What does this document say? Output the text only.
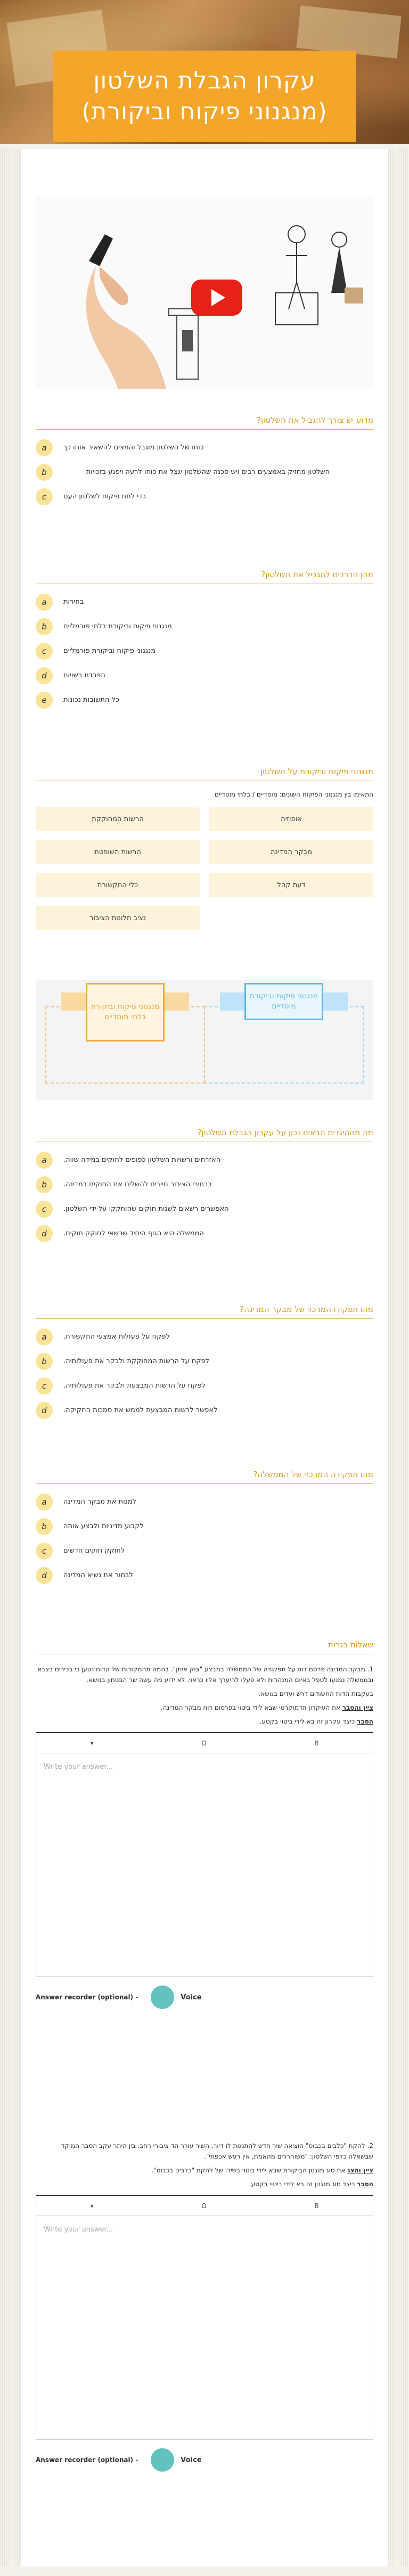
עקרון הגבלת השלטון (מנגנוני פיקוח וביקורת)
מדוע יש צורך להגביל את השלטון?
a	כוחו של השלטון מוגבל והמצים להשאיר אותו כך
b	השלטון מחזיק באמצעים רבים ויש סכנה שהשלטון יגצל את כוחו לרעה ויפגע בזכויות
c	כדי לתת פיקוח לשלטון העם
מהן הדרכים להגביל את השלטון?
a	בחירות
b	מנגנוני פיקוח וביקורת בלתי פורמליים
c	מנגנוני פיקוח וביקורת פורמליים
d	הפרדת רשויות
e	כל התשובות נכונות
מנגנוני פיקוח וביקורת על השלטון
התאימו בין מנגנוני הפיקוח השונים: מוסדיים / בלתי מוסדיים
אופוזיה
הרשות המחוקקת
מבקר המדינה
הרשות השופטת
דעת קהל
כלי התקשורת
נציב תלונות הציבור
מנגנוני פיקוח וביקורת מוסדיים
מנגנוני פיקוח וביקורת בלתי מוסדיים
מה מההיגדים הבאים נכון על עקרון הגבלת השלטון?
a	האזרחים ורשויות השלטון כפופים לחוקים במידה שווה.
b	בבחירי הציבור חייבים להשלים את החוקים במדינה.
c	האפשרים רשאים לשנות חוקים שהוחקקו על ידי השלטון.
d	הממשלה היא הגוף היחיד שרשאי לחוקק חוקים.
מהו תפקידו המרכזי של מבקר המדינה?
a	לפקח על פעולות אמצעי התקשורת.
b	לפקח על הרשות המחוקקת ולבקר את פעולותיה.
c	לפקח על הרשות המבצעת ולבקר את פעולותיה.
d	לאפשר לרשות המבצעת לממש את סמכות החקיקה.
מהו תפקידה המרכזי של הממשלה?
a	למנות את מבקר המדינה
b	לקבוע מדיניות ולבצע אותה
c	לחוקק חוקים חדשים
d	לבחור את נשיא המדינה
שאלות בגרות

1. מבקר המדינה פרסם דוח על תפקודה של הממשלה במבצע "צוק איתן". בהמה מהמקורות של הדוח נטען כי בכירים בצבא ובממשלה נמנעו לטפל באיום המנהרות ולא פעלו להיערך אליו כראוי. לא ידוע מה עשה שר הבטחון בנושא.

בעקבות הדוח החשודים דרש ועדים בנושא.

ציין והסבר את העיקרון הדמוקרטי שבא לידי ביטוי בפרסום דוח מבקר המדינה.

הסבר כיצד עקרון זה בא לידי ביטוי בקטע.

B
Ω
▾
Write your answer...
Answer recorder (optional) -	Voice

2. להקת "כלבים בכבוס" הוציאה שיר חדש להתנגות לו דיור. השיר עורר הד ציבורי רחב. בין היתר עקב הסבר המוקד שבשאלה כלפי השלטון: "משוחררים מהאמת, אין רעש אכפתי".

ציין והצג את סוג מנגנון הביקורת שבא לידי ביטוי בשירו של להקת "כלבים בכבוס".

הסבר כיצד סוג מנגנון זה בא לידי ביטוי בקטע.

B
Ω
▾
Write your answer...
Answer recorder (optional) -	Voice
